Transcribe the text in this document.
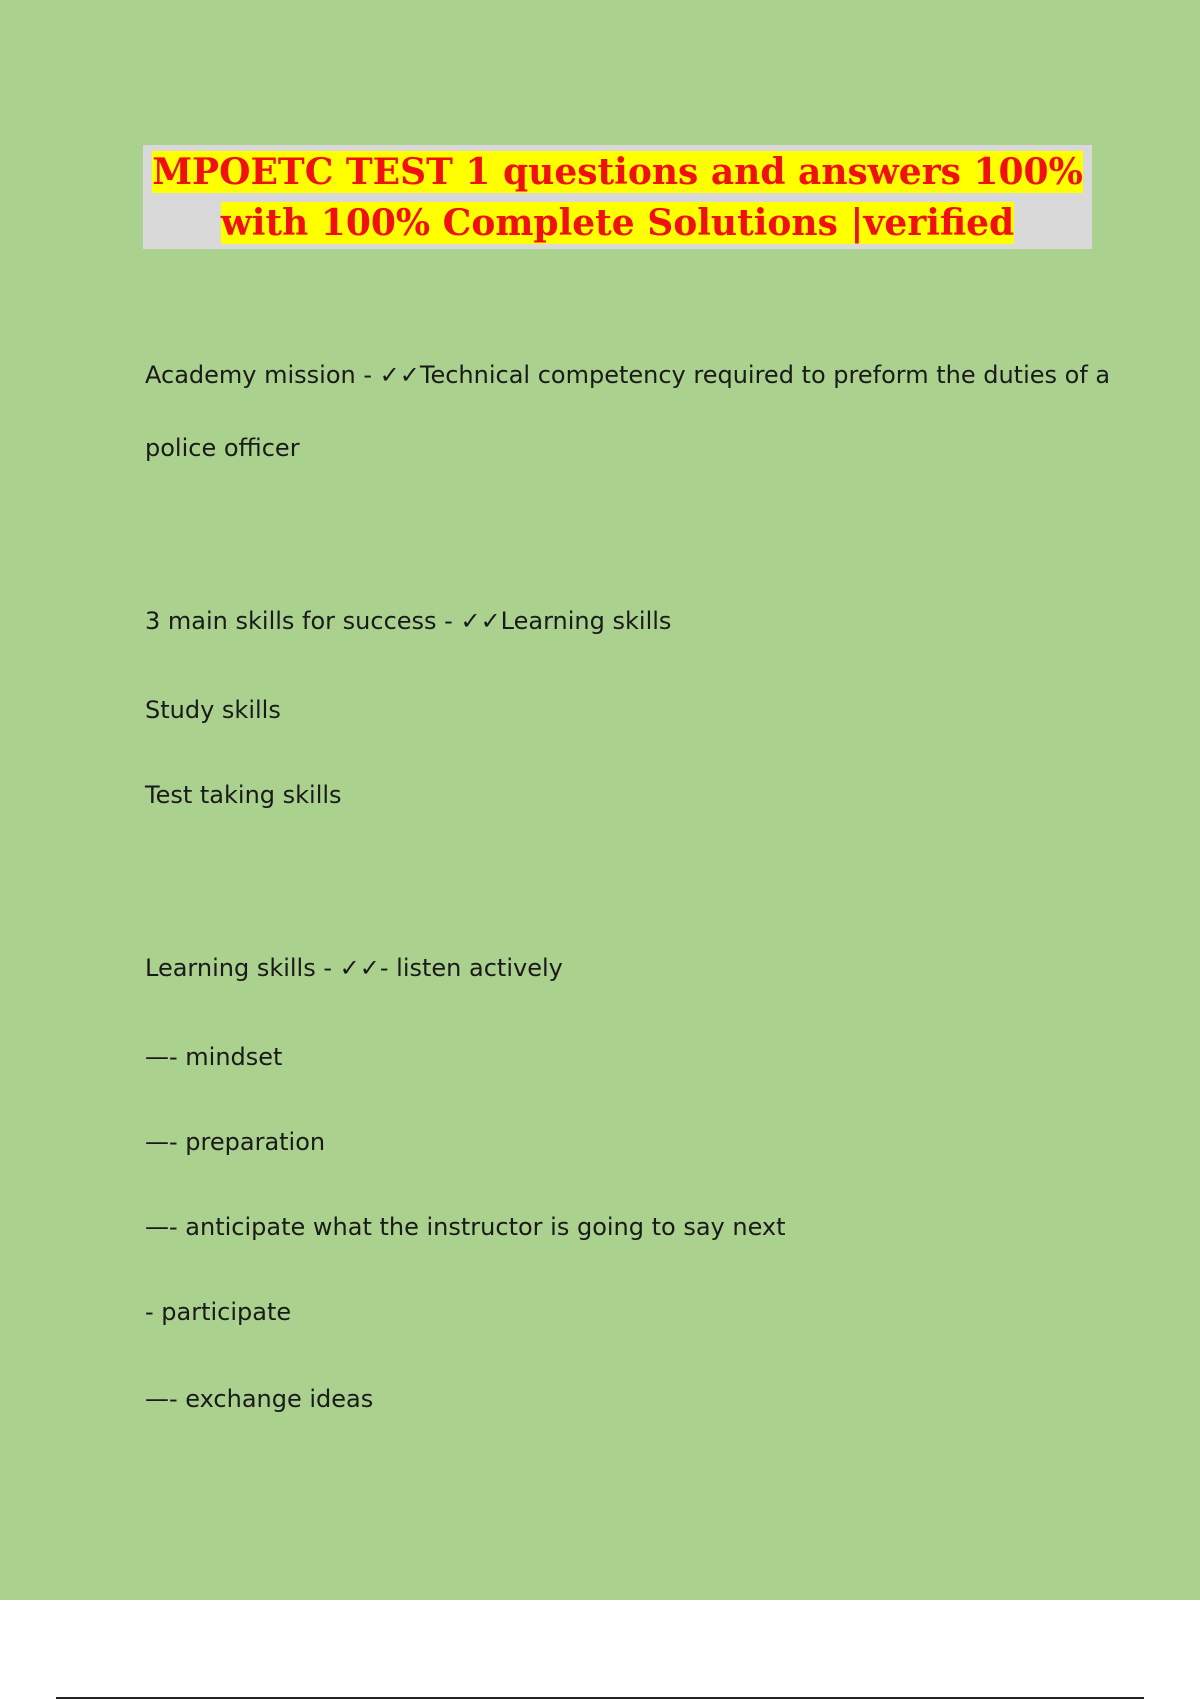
MPOETC TEST 1 questions and answers 100%
with 100% Complete Solutions |verified
Academy mission - ✓✓Technical competency required to preform the duties of a
police officer
3 main skills for success - ✓✓Learning skills
Study skills
Test taking skills
Learning skills - ✓✓- listen actively
—- mindset
—- preparation
—- anticipate what the instructor is going to say next
- participate
—- exchange ideas
